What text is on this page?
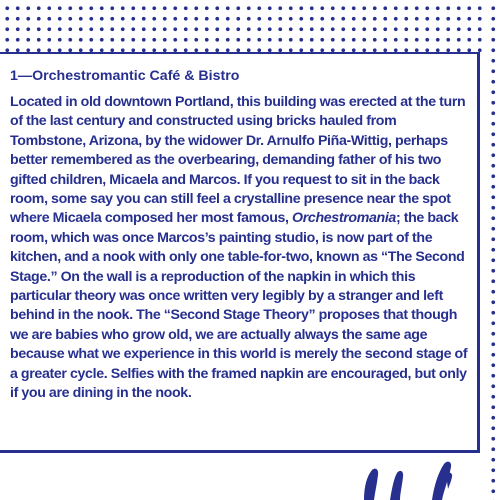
1—Orchestromantic Café & Bistro

Located in old downtown Portland, this building was erected at the turn of the last century and constructed using bricks hauled from Tombstone, Arizona, by the widower Dr. Arnulfo Piña-Wittig, perhaps better remembered as the overbearing, demanding father of his two gifted children, Micaela and Marcos. If you request to sit in the back room, some say you can still feel a crystalline presence near the spot where Micaela composed her most famous, Orchestromania; the back room, which was once Marcos’s painting studio, is now part of the kitchen, and a nook with only one table-for-two, known as “The Second Stage.” On the wall is a reproduction of the napkin in which this particular theory was once written very legibly by a stranger and left behind in the nook. The “Second Stage Theory” proposes that though we are babies who grow old, we are actually always the same age because what we experience in this world is merely the second stage of a greater cycle. Selfies with the framed napkin are encouraged, but only if you are dining in the nook.
